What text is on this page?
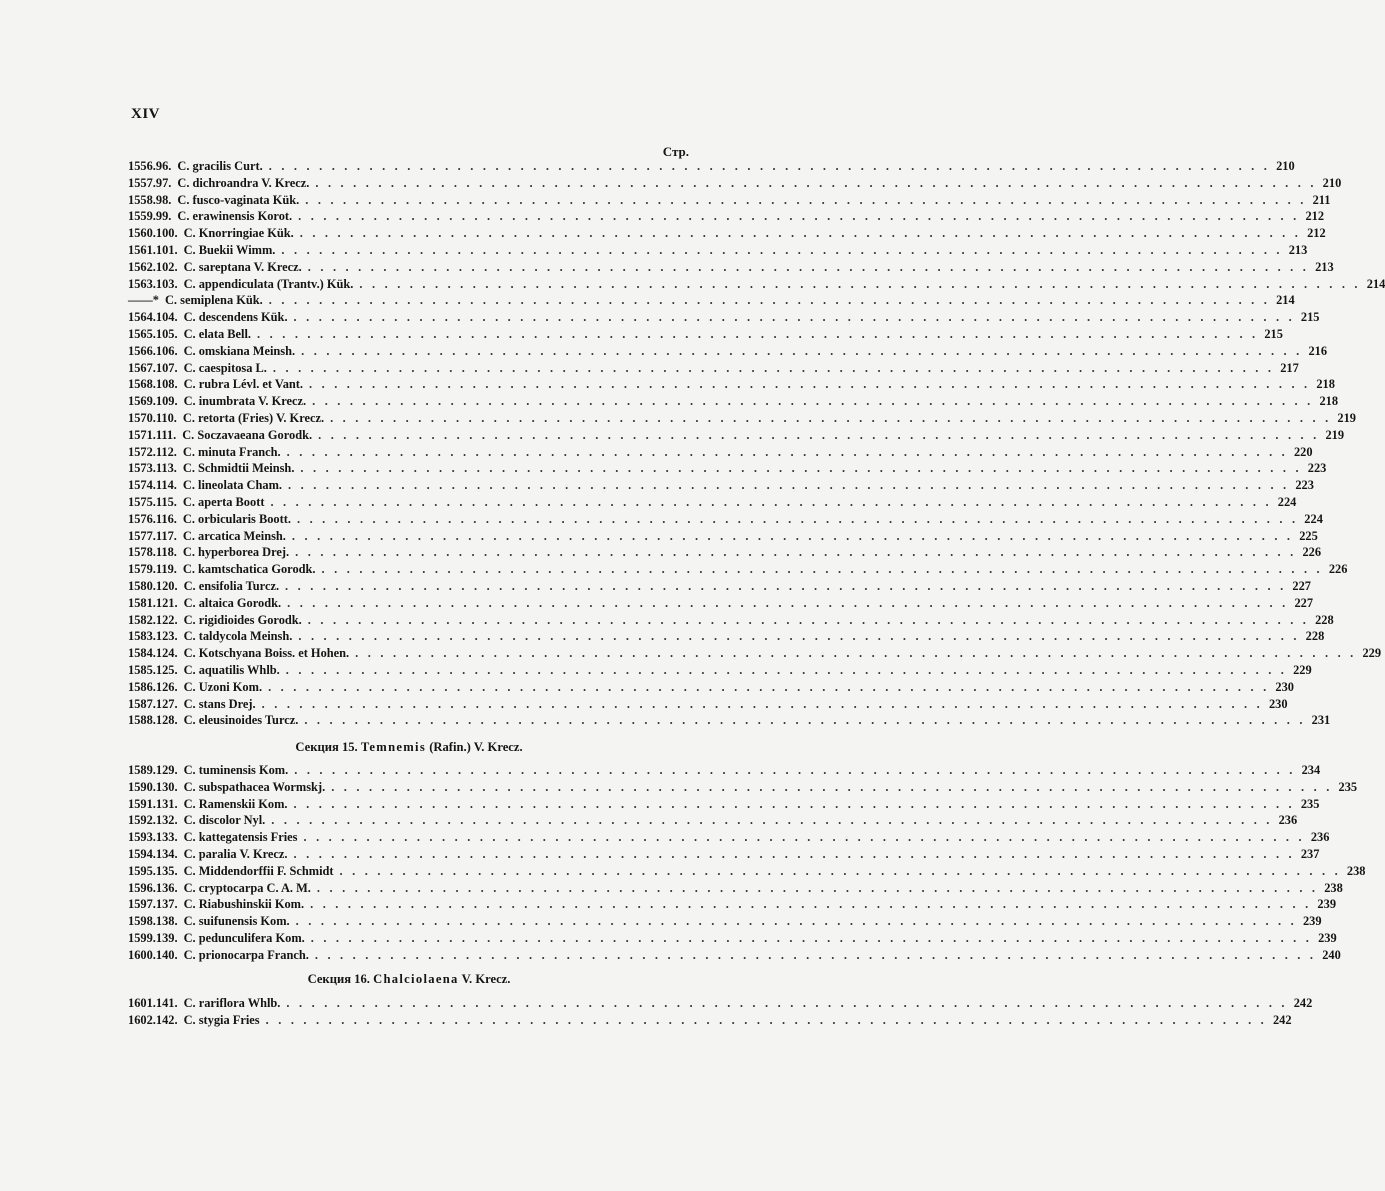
XIV
Стр.
1556. 96. C. gracilis Curt. . . . . . . . . . . . . . . . . . . . . . . . . . . . . . . . . . . . . . . . . . . . . . . . . . . . . . . . . . . . . . . . . . . . . . . . . . . . . . . . . 210
1557. 97. C. dichroandra V. Krecz. . . . . . . . . . . . . . . . . . . . . . . . . . . . . . . . . . . . . . . . . . . . . . . . . . . . . . . . . . . . . . . . . . . . . . . . . . . . . . . . . 210
1558. 98. C. fusco-vaginata Kük. . . . . . . . . . . . . . . . . . . . . . . . . . . . . . . . . . . . . . . . . . . . . . . . . . . . . . . . . . . . . . . . . . . . . . . . . . . . . . . . . 211
1559. 99. C. erawinensis Korot. . . . . . . . . . . . . . . . . . . . . . . . . . . . . . . . . . . . . . . . . . . . . . . . . . . . . . . . . . . . . . . . . . . . . . . . . . . . . . . . . 212
1560. 100. C. Knorringiae Kük. . . . . . . . . . . . . . . . . . . . . . . . . . . . . . . . . . . . . . . . . . . . . . . . . . . . . . . . . . . . . . . . . . . . . . . . . . . . . . . . . 212
1561. 101. C. Buekii Wimm. . . . . . . . . . . . . . . . . . . . . . . . . . . . . . . . . . . . . . . . . . . . . . . . . . . . . . . . . . . . . . . . . . . . . . . . . . . . . . . . . 213
1562. 102. C. sareptana V. Krecz. . . . . . . . . . . . . . . . . . . . . . . . . . . . . . . . . . . . . . . . . . . . . . . . . . . . . . . . . . . . . . . . . . . . . . . . . . . . . . . . . 213
1563. 103. C. appendiculata (Trantv.) Kük. . . . . . . . . . . . . . . . . . . . . . . . . . . . . . . . . . . . . . . . . . . . . . . . . . . . . . . . . . . . . . . . . . . . . . . . . . . . . . . . . 214
—— * C. semiplena Kük. . . . . . . . . . . . . . . . . . . . . . . . . . . . . . . . . . . . . . . . . . . . . . . . . . . . . . . . . . . . . . . . . . . . . . . . . . . . . . . . . 214
1564. 104. C. descendens Kük. . . . . . . . . . . . . . . . . . . . . . . . . . . . . . . . . . . . . . . . . . . . . . . . . . . . . . . . . . . . . . . . . . . . . . . . . . . . . . . . . 215
1565. 105. C. elata Bell. . . . . . . . . . . . . . . . . . . . . . . . . . . . . . . . . . . . . . . . . . . . . . . . . . . . . . . . . . . . . . . . . . . . . . . . . . . . . . . . . 215
1566. 106. C. omskiana Meinsh. . . . . . . . . . . . . . . . . . . . . . . . . . . . . . . . . . . . . . . . . . . . . . . . . . . . . . . . . . . . . . . . . . . . . . . . . . . . . . . . . 216
1567. 107. C. caespitosa L. . . . . . . . . . . . . . . . . . . . . . . . . . . . . . . . . . . . . . . . . . . . . . . . . . . . . . . . . . . . . . . . . . . . . . . . . . . . . . . . . 217
1568. 108. C. rubra Lévl. et Vant. . . . . . . . . . . . . . . . . . . . . . . . . . . . . . . . . . . . . . . . . . . . . . . . . . . . . . . . . . . . . . . . . . . . . . . . . . . . . . . . . 218
1569. 109. C. inumbrata V. Krecz. . . . . . . . . . . . . . . . . . . . . . . . . . . . . . . . . . . . . . . . . . . . . . . . . . . . . . . . . . . . . . . . . . . . . . . . . . . . . . . . . 218
1570. 110. C. retorta (Fries) V. Krecz. . . . . . . . . . . . . . . . . . . . . . . . . . . . . . . . . . . . . . . . . . . . . . . . . . . . . . . . . . . . . . . . . . . . . . . . . . . . . . . . . 219
1571. 111. C. Soczavaeana Gorodk. . . . . . . . . . . . . . . . . . . . . . . . . . . . . . . . . . . . . . . . . . . . . . . . . . . . . . . . . . . . . . . . . . . . . . . . . . . . . . . . . 219
1572. 112. C. minuta Franch. . . . . . . . . . . . . . . . . . . . . . . . . . . . . . . . . . . . . . . . . . . . . . . . . . . . . . . . . . . . . . . . . . . . . . . . . . . . . . . . . 220
1573. 113. C. Schmidtii Meinsh. . . . . . . . . . . . . . . . . . . . . . . . . . . . . . . . . . . . . . . . . . . . . . . . . . . . . . . . . . . . . . . . . . . . . . . . . . . . . . . . . 223
1574. 114. C. lineolata Cham. . . . . . . . . . . . . . . . . . . . . . . . . . . . . . . . . . . . . . . . . . . . . . . . . . . . . . . . . . . . . . . . . . . . . . . . . . . . . . . . . 223
1575. 115. C. aperta Boott . . . . . . . . . . . . . . . . . . . . . . . . . . . . . . . . . . . . . . . . . . . . . . . . . . . . . . . . . . . . . . . . . . . . . . . . . . . . . . . . 224
1576. 116. C. orbicularis Boott. . . . . . . . . . . . . . . . . . . . . . . . . . . . . . . . . . . . . . . . . . . . . . . . . . . . . . . . . . . . . . . . . . . . . . . . . . . . . . . . . 224
1577. 117. C. arcatica Meinsh. . . . . . . . . . . . . . . . . . . . . . . . . . . . . . . . . . . . . . . . . . . . . . . . . . . . . . . . . . . . . . . . . . . . . . . . . . . . . . . . . 225
1578. 118. C. hyperborea Drej. . . . . . . . . . . . . . . . . . . . . . . . . . . . . . . . . . . . . . . . . . . . . . . . . . . . . . . . . . . . . . . . . . . . . . . . . . . . . . . . . 226
1579. 119. C. kamtschatica Gorodk. . . . . . . . . . . . . . . . . . . . . . . . . . . . . . . . . . . . . . . . . . . . . . . . . . . . . . . . . . . . . . . . . . . . . . . . . . . . . . . . . 226
1580. 120. C. ensifolia Turcz. . . . . . . . . . . . . . . . . . . . . . . . . . . . . . . . . . . . . . . . . . . . . . . . . . . . . . . . . . . . . . . . . . . . . . . . . . . . . . . . . 227
1581. 121. C. altaica Gorodk. . . . . . . . . . . . . . . . . . . . . . . . . . . . . . . . . . . . . . . . . . . . . . . . . . . . . . . . . . . . . . . . . . . . . . . . . . . . . . . . . 227
1582. 122. C. rigidioides Gorodk. . . . . . . . . . . . . . . . . . . . . . . . . . . . . . . . . . . . . . . . . . . . . . . . . . . . . . . . . . . . . . . . . . . . . . . . . . . . . . . . . 228
1583. 123. C. taldycola Meinsh. . . . . . . . . . . . . . . . . . . . . . . . . . . . . . . . . . . . . . . . . . . . . . . . . . . . . . . . . . . . . . . . . . . . . . . . . . . . . . . . . 228
1584. 124. C. Kotschyana Boiss. et Hohen. . . . . . . . . . . . . . . . . . . . . . . . . . . . . . . . . . . . . . . . . . . . . . . . . . . . . . . . . . . . . . . . . . . . . . . . . . . . . . . . . 229
1585. 125. C. aquatilis Whlb. . . . . . . . . . . . . . . . . . . . . . . . . . . . . . . . . . . . . . . . . . . . . . . . . . . . . . . . . . . . . . . . . . . . . . . . . . . . . . . . . 229
1586. 126. C. Uzoni Kom. . . . . . . . . . . . . . . . . . . . . . . . . . . . . . . . . . . . . . . . . . . . . . . . . . . . . . . . . . . . . . . . . . . . . . . . . . . . . . . . . 230
1587. 127. C. stans Drej. . . . . . . . . . . . . . . . . . . . . . . . . . . . . . . . . . . . . . . . . . . . . . . . . . . . . . . . . . . . . . . . . . . . . . . . . . . . . . . . . 230
1588. 128. C. eleusinoides Turcz. . . . . . . . . . . . . . . . . . . . . . . . . . . . . . . . . . . . . . . . . . . . . . . . . . . . . . . . . . . . . . . . . . . . . . . . . . . . . . . . . 231
Секция 15. Temnemis (Rafin.) V. Krecz.
1589. 129. C. tuminensis Kom. . . . . . . . . . . . . . . . . . . . . . . . . . . . . . . . . . . . . . . . . . . . . . . . . . . . . . . . . . . . . . . . . . . . . . . . . . . . . . . . . 234
1590. 130. C. subspathacea Wormskj. . . . . . . . . . . . . . . . . . . . . . . . . . . . . . . . . . . . . . . . . . . . . . . . . . . . . . . . . . . . . . . . . . . . . . . . . . . . . . . . . 235
1591. 131. C. Ramenskii Kom. . . . . . . . . . . . . . . . . . . . . . . . . . . . . . . . . . . . . . . . . . . . . . . . . . . . . . . . . . . . . . . . . . . . . . . . . . . . . . . . . 235
1592. 132. C. discolor Nyl. . . . . . . . . . . . . . . . . . . . . . . . . . . . . . . . . . . . . . . . . . . . . . . . . . . . . . . . . . . . . . . . . . . . . . . . . . . . . . . . . 236
1593. 133. C. kattegatensis Fries . . . . . . . . . . . . . . . . . . . . . . . . . . . . . . . . . . . . . . . . . . . . . . . . . . . . . . . . . . . . . . . . . . . . . . . . . . . . . . . . 236
1594. 134. C. paralia V. Krecz. . . . . . . . . . . . . . . . . . . . . . . . . . . . . . . . . . . . . . . . . . . . . . . . . . . . . . . . . . . . . . . . . . . . . . . . . . . . . . . . . 237
1595. 135. C. Middendorffii F. Schmidt . . . . . . . . . . . . . . . . . . . . . . . . . . . . . . . . . . . . . . . . . . . . . . . . . . . . . . . . . . . . . . . . . . . . . . . . . . . . . . . . 238
1596. 136. C. cryptocarpa C. A. M. . . . . . . . . . . . . . . . . . . . . . . . . . . . . . . . . . . . . . . . . . . . . . . . . . . . . . . . . . . . . . . . . . . . . . . . . . . . . . . . . 238
1597. 137. C. Riabushinskii Kom. . . . . . . . . . . . . . . . . . . . . . . . . . . . . . . . . . . . . . . . . . . . . . . . . . . . . . . . . . . . . . . . . . . . . . . . . . . . . . . . . 239
1598. 138. C. suifunensis Kom. . . . . . . . . . . . . . . . . . . . . . . . . . . . . . . . . . . . . . . . . . . . . . . . . . . . . . . . . . . . . . . . . . . . . . . . . . . . . . . . . 239
1599. 139. C. pedunculifera Kom. . . . . . . . . . . . . . . . . . . . . . . . . . . . . . . . . . . . . . . . . . . . . . . . . . . . . . . . . . . . . . . . . . . . . . . . . . . . . . . . . 239
1600. 140. C. prionocarpa Franch. . . . . . . . . . . . . . . . . . . . . . . . . . . . . . . . . . . . . . . . . . . . . . . . . . . . . . . . . . . . . . . . . . . . . . . . . . . . . . . . . 240
Секция 16. Chalciolaena V. Krecz.
1601. 141. C. rariflora Whlb. . . . . . . . . . . . . . . . . . . . . . . . . . . . . . . . . . . . . . . . . . . . . . . . . . . . . . . . . . . . . . . . . . . . . . . . . . . . . . . . . 242
1602. 142. C. stygia Fries . . . . . . . . . . . . . . . . . . . . . . . . . . . . . . . . . . . . . . . . . . . . . . . . . . . . . . . . . . . . . . . . . . . . . . . . . . . . . . . . 242
